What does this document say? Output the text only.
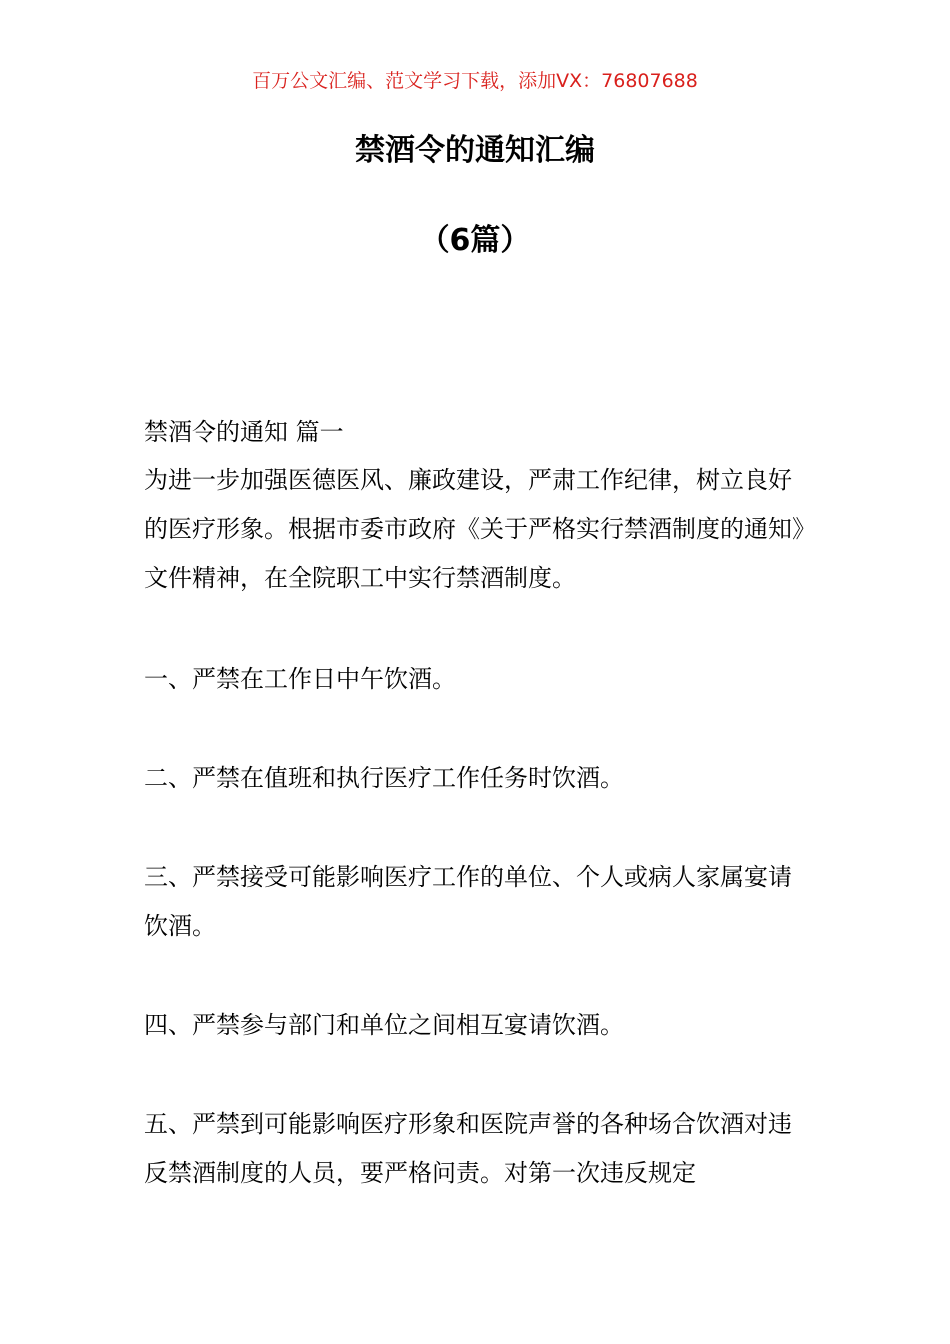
百万公文汇编、范文学习下载，添加VX：76807688
禁酒令的通知汇编
（6篇）

禁酒令的通知 篇一

为进一步加强医德医风、廉政建设，严肃工作纪律，树立良好的医疗形象。根据市委市政府《关于严格实行禁酒制度的通知》文件精神，在全院职工中实行禁酒制度。

一、严禁在工作日中午饮酒。

二、严禁在值班和执行医疗工作任务时饮酒。

三、严禁接受可能影响医疗工作的单位、个人或病人家属宴请饮酒。

四、严禁参与部门和单位之间相互宴请饮酒。

五、严禁到可能影响医疗形象和医院声誉的各种场合饮酒对违反禁酒制度的人员，要严格问责。对第一次违反规定
